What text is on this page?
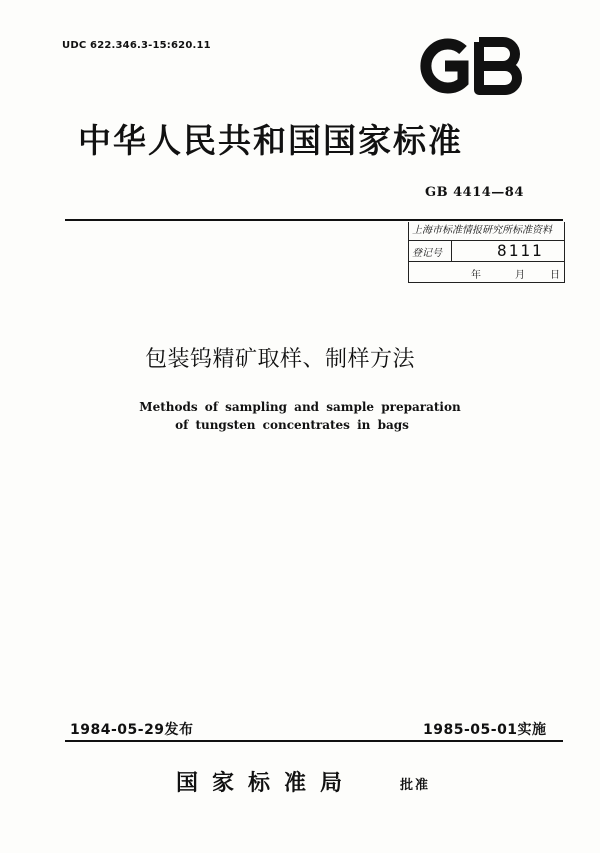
UDC 622.346.3-15:620.11
中华人民共和国国家标准
GB 4414—84
上海市标准情报研究所标准资料
登记号	8111
年	月	日
包装钨精矿取样、制样方法
Methods of sampling and sample preparation
of tungsten concentrates in bags
1984-05-29发布	1985-05-01实施
国家标准局	批准
